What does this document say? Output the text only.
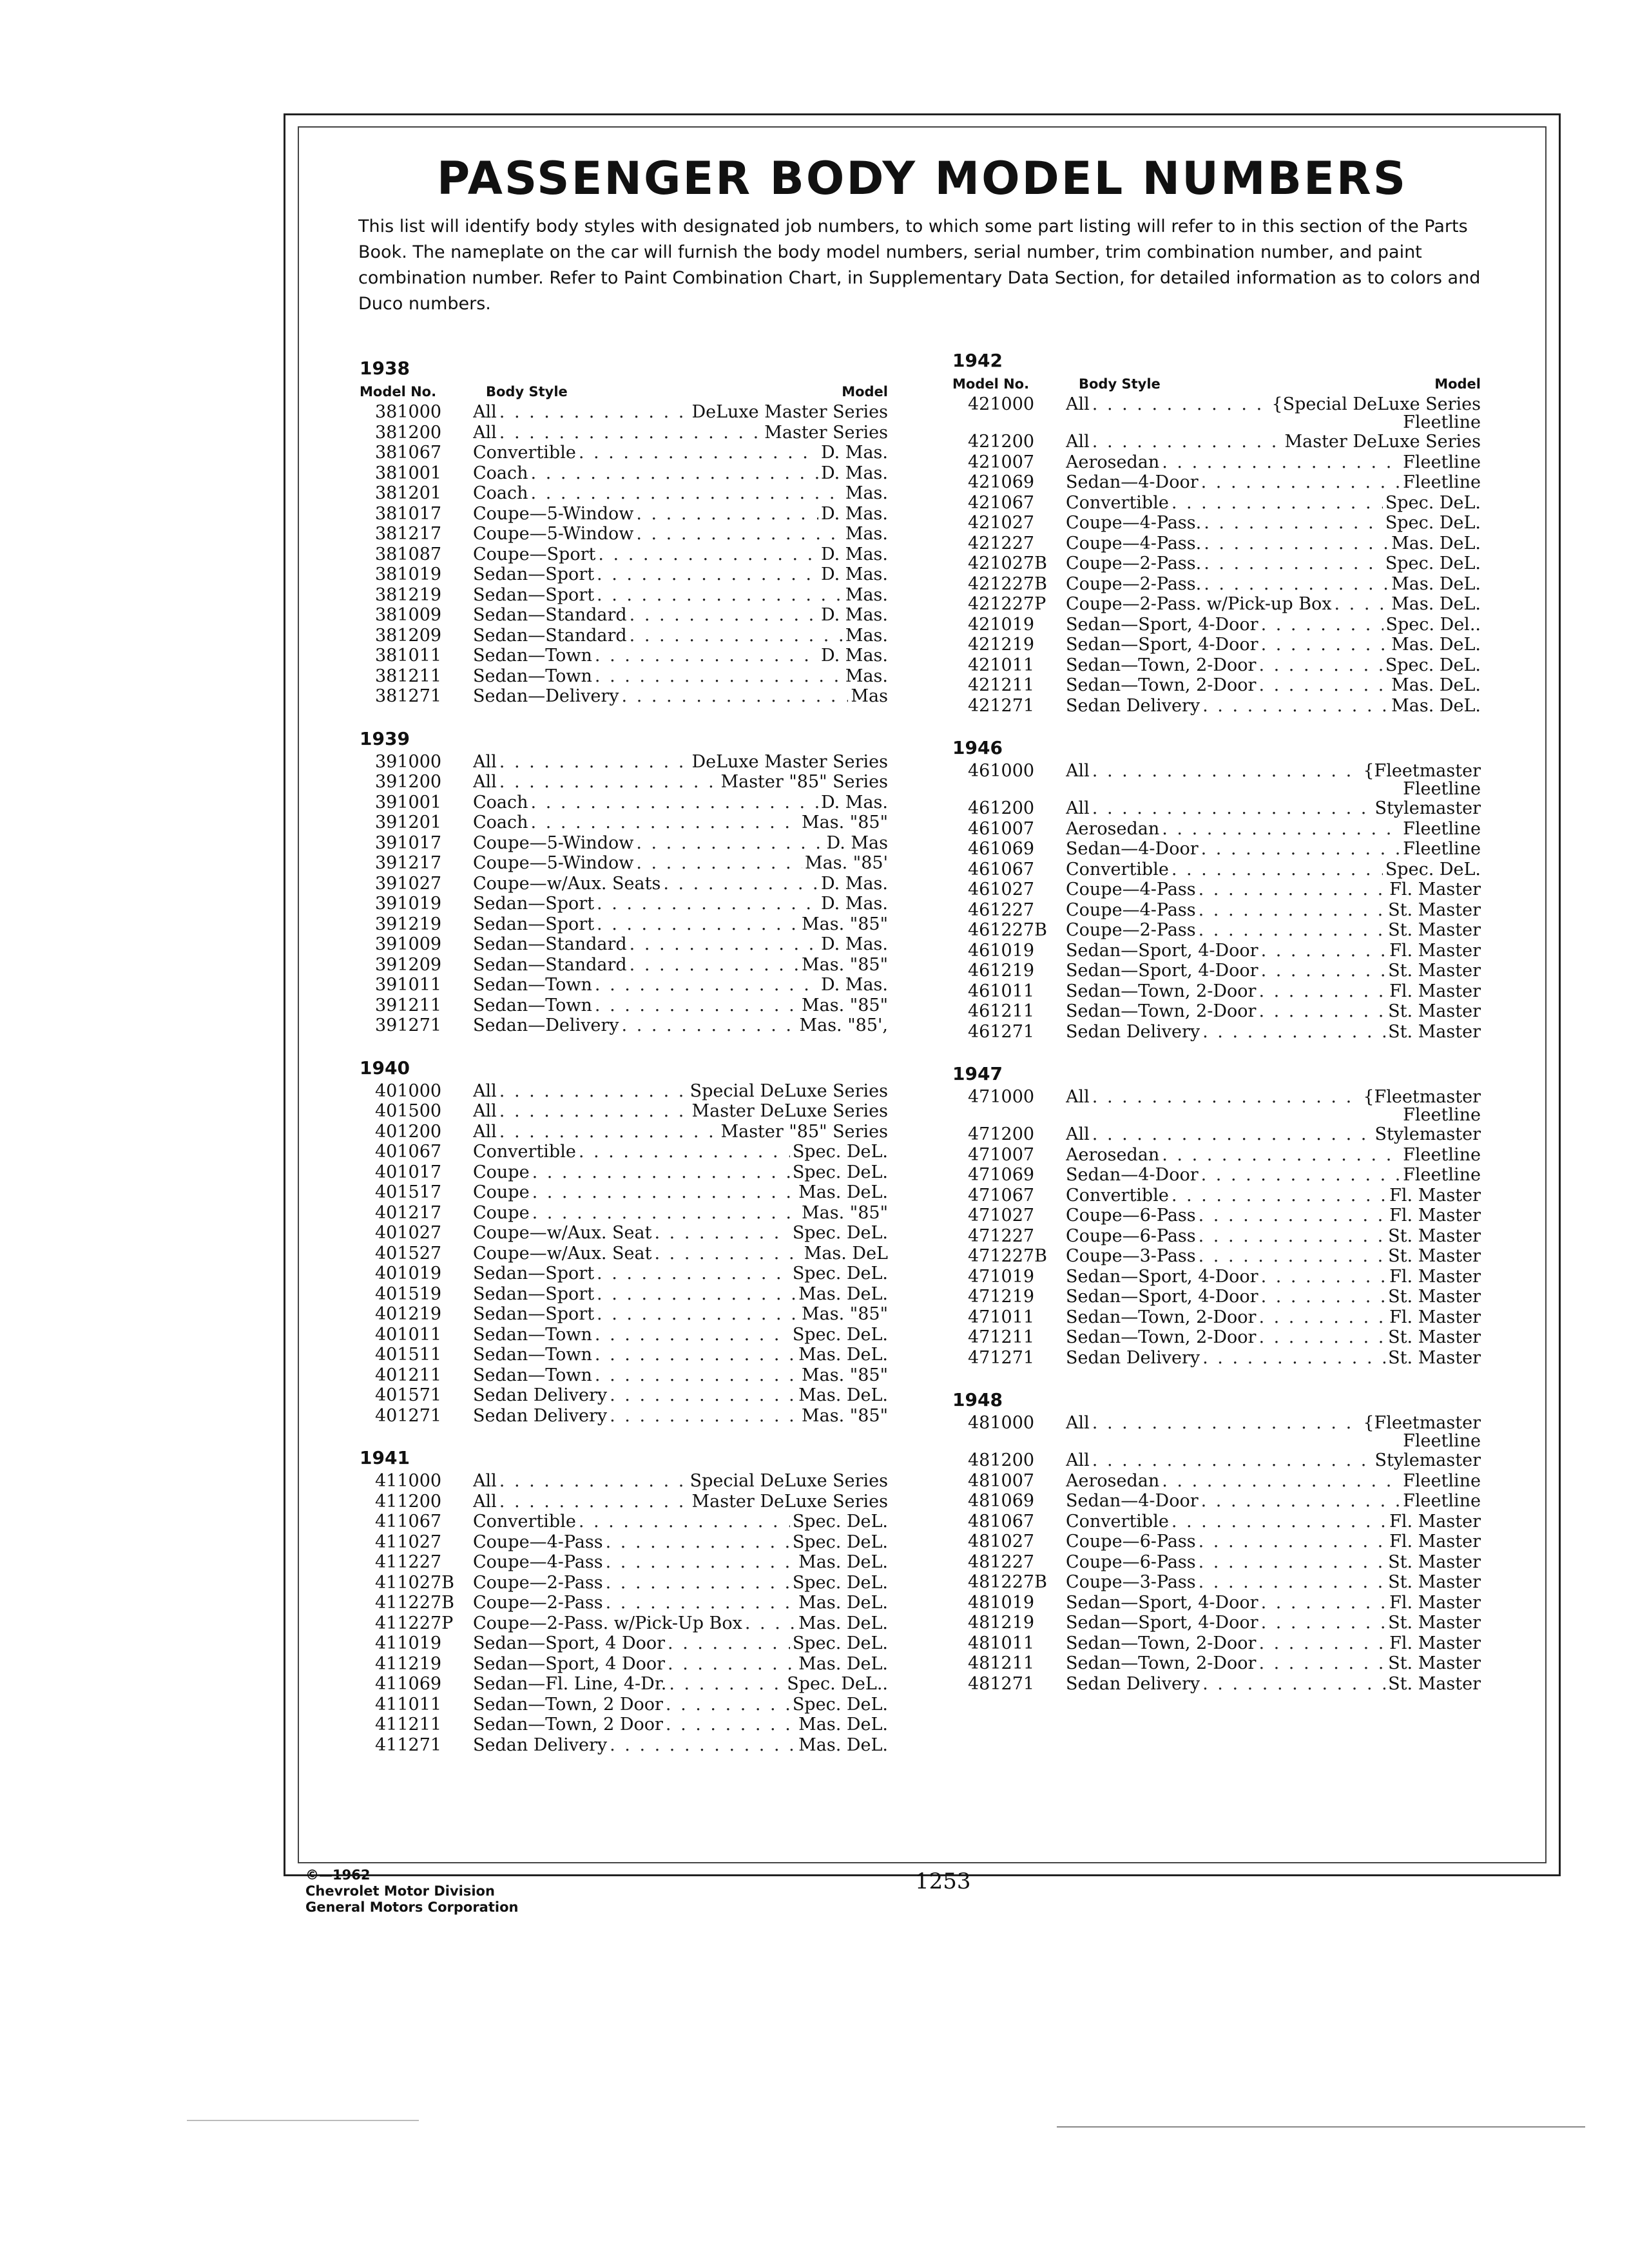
PASSENGER BODY MODEL NUMBERS
This list will identify body styles with designated job numbers, to which some part listing will refer to in this section of the Parts Book. The nameplate on the car will furnish the body model numbers, serial number, trim combination number, and paint combination number. Refer to Paint Combination Chart, in Supplementary Data Section, for detailed information as to colors and Duco numbers.
1938
Model No.	Body Style	Model
381000	All . . .	DeLuxe Master Series
381200	All . . .	Master Series
381067	Convertible . . .	D. Mas.
381001	Coach . . .	D. Mas.
381201	Coach . . .	Mas.
381017	Coupe—5-Window . . .	D. Mas.
381217	Coupe—5-Window . . .	Mas.
381087	Coupe—Sport . . .	D. Mas.
381019	Sedan—Sport . . .	D. Mas.
381219	Sedan—Sport . . .	Mas.
381009	Sedan—Standard . . .	D. Mas.
381209	Sedan—Standard . . .	Mas.
381011	Sedan—Town . . .	D. Mas.
381211	Sedan—Town . . .	Mas.
381271	Sedan—Delivery . . .	Mas
1939
391000	All . . .	DeLuxe Master Series
391200	All . . .	Master "85" Series
391001	Coach . . .	D. Mas.
391201	Coach . . .	Mas. "85"
391017	Coupe—5-Window . . .	D. Mas
391217	Coupe—5-Window . . .	Mas. "85'
391027	Coupe—w/Aux. Seats . . .	D. Mas.
391019	Sedan—Sport . . .	D. Mas.
391219	Sedan—Sport . . .	Mas. "85"
391009	Sedan—Standard . . .	D. Mas.
391209	Sedan—Standard . . .	Mas. "85"
391011	Sedan—Town . . .	D. Mas.
391211	Sedan—Town . . .	Mas. "85"
391271	Sedan—Delivery . . .	Mas. "85',
1940
401000	All . . .	Special DeLuxe Series
401500	All . . .	Master DeLuxe Series
401200	All . . .	Master "85" Series
401067	Convertible . . .	Spec. DeL.
401017	Coupe . . .	Spec. DeL.
401517	Coupe . . .	Mas. DeL.
401217	Coupe . . .	Mas. "85"
401027	Coupe—w/Aux. Seat . . .	Spec. DeL.
401527	Coupe—w/Aux. Seat . . .	Mas. DeL
401019	Sedan—Sport . . .	Spec. DeL.
401519	Sedan—Sport . . .	Mas. DeL.
401219	Sedan—Sport . . .	Mas. "85"
401011	Sedan—Town . . .	Spec. DeL.
401511	Sedan—Town . . .	Mas. DeL.
401211	Sedan—Town . . .	Mas. "85"
401571	Sedan Delivery . . .	Mas. DeL.
401271	Sedan Delivery . . .	Mas. "85"
1941
411000	All . . .	Special DeLuxe Series
411200	All . . .	Master DeLuxe Series
411067	Convertible . . .	Spec. DeL.
411027	Coupe—4-Pass . . .	Spec. DeL.
411227	Coupe—4-Pass . . .	Mas. DeL.
411027B	Coupe—2-Pass . . .	Spec. DeL.
411227B	Coupe—2-Pass . . .	Mas. DeL.
411227P	Coupe—2-Pass. w/Pick-Up Box . . .	Mas. DeL.
411019	Sedan—Sport, 4 Door . . .	Spec. DeL.
411219	Sedan—Sport, 4 Door . . .	Mas. DeL.
411069	Sedan—Fl. Line, 4-Dr. . . .	Spec. DeL..
411011	Sedan—Town, 2 Door . . .	Spec. DeL.
411211	Sedan—Town, 2 Door . . .	Mas. DeL.
411271	Sedan Delivery . . .	Mas. DeL.
1942
Model No.	Body Style	Model
421000	All . . .	{Special DeLuxe Series
Fleetline
421200	All . . .	Master DeLuxe Series
421007	Aerosedan . . .	Fleetline
421069	Sedan—4-Door . . .	Fleetline
421067	Convertible . . .	Spec. DeL.
421027	Coupe—4-Pass. . . .	Spec. DeL.
421227	Coupe—4-Pass. . . .	Mas. DeL.
421027B	Coupe—2-Pass. . . .	Spec. DeL.
421227B	Coupe—2-Pass. . . .	Mas. DeL.
421227P	Coupe—2-Pass. w/Pick-up Box . . .	Mas. DeL.
421019	Sedan—Sport, 4-Door . . .	Spec. Del..
421219	Sedan—Sport, 4-Door . . .	Mas. DeL.
421011	Sedan—Town, 2-Door . . .	Spec. DeL.
421211	Sedan—Town, 2-Door . . .	Mas. DeL.
421271	Sedan Delivery . . .	Mas. DeL.
1946
461000	All . . .	{Fleetmaster
Fleetline
461200	All . . .	Stylemaster
461007	Aerosedan . . .	Fleetline
461069	Sedan—4-Door . . .	Fleetline
461067	Convertible . . .	Spec. DeL.
461027	Coupe—4-Pass . . .	Fl. Master
461227	Coupe—4-Pass . . .	St. Master
461227B	Coupe—2-Pass . . .	St. Master
461019	Sedan—Sport, 4-Door . . .	Fl. Master
461219	Sedan—Sport, 4-Door . . .	St. Master
461011	Sedan—Town, 2-Door . . .	Fl. Master
461211	Sedan—Town, 2-Door . . .	St. Master
461271	Sedan Delivery . . .	St. Master
1947
471000	All . . .	{Fleetmaster
Fleetline
471200	All . . .	Stylemaster
471007	Aerosedan . . .	Fleetline
471069	Sedan—4-Door . . .	Fleetline
471067	Convertible . . .	Fl. Master
471027	Coupe—6-Pass . . .	Fl. Master
471227	Coupe—6-Pass . . .	St. Master
471227B	Coupe—3-Pass . . .	St. Master
471019	Sedan—Sport, 4-Door . . .	Fl. Master
471219	Sedan—Sport, 4-Door . . .	St. Master
471011	Sedan—Town, 2-Door . . .	Fl. Master
471211	Sedan—Town, 2-Door . . .	St. Master
471271	Sedan Delivery . . .	St. Master
1948
481000	All . . .	{Fleetmaster
Fleetline
481200	All . . .	Stylemaster
481007	Aerosedan . . .	Fleetline
481069	Sedan—4-Door . . .	Fleetline
481067	Convertible . . .	Fl. Master
481027	Coupe—6-Pass . . .	Fl. Master
481227	Coupe—6-Pass . . .	St. Master
481227B	Coupe—3-Pass . . .	St. Master
481019	Sedan—Sport, 4-Door . . .	Fl. Master
481219	Sedan—Sport, 4-Door . . .	St. Master
481011	Sedan—Town, 2-Door . . .	Fl. Master
481211	Sedan—Town, 2-Door . . .	St. Master
481271	Sedan Delivery . . .	St. Master
©—1962
Chevrolet Motor Division
General Motors Corporation
1253
